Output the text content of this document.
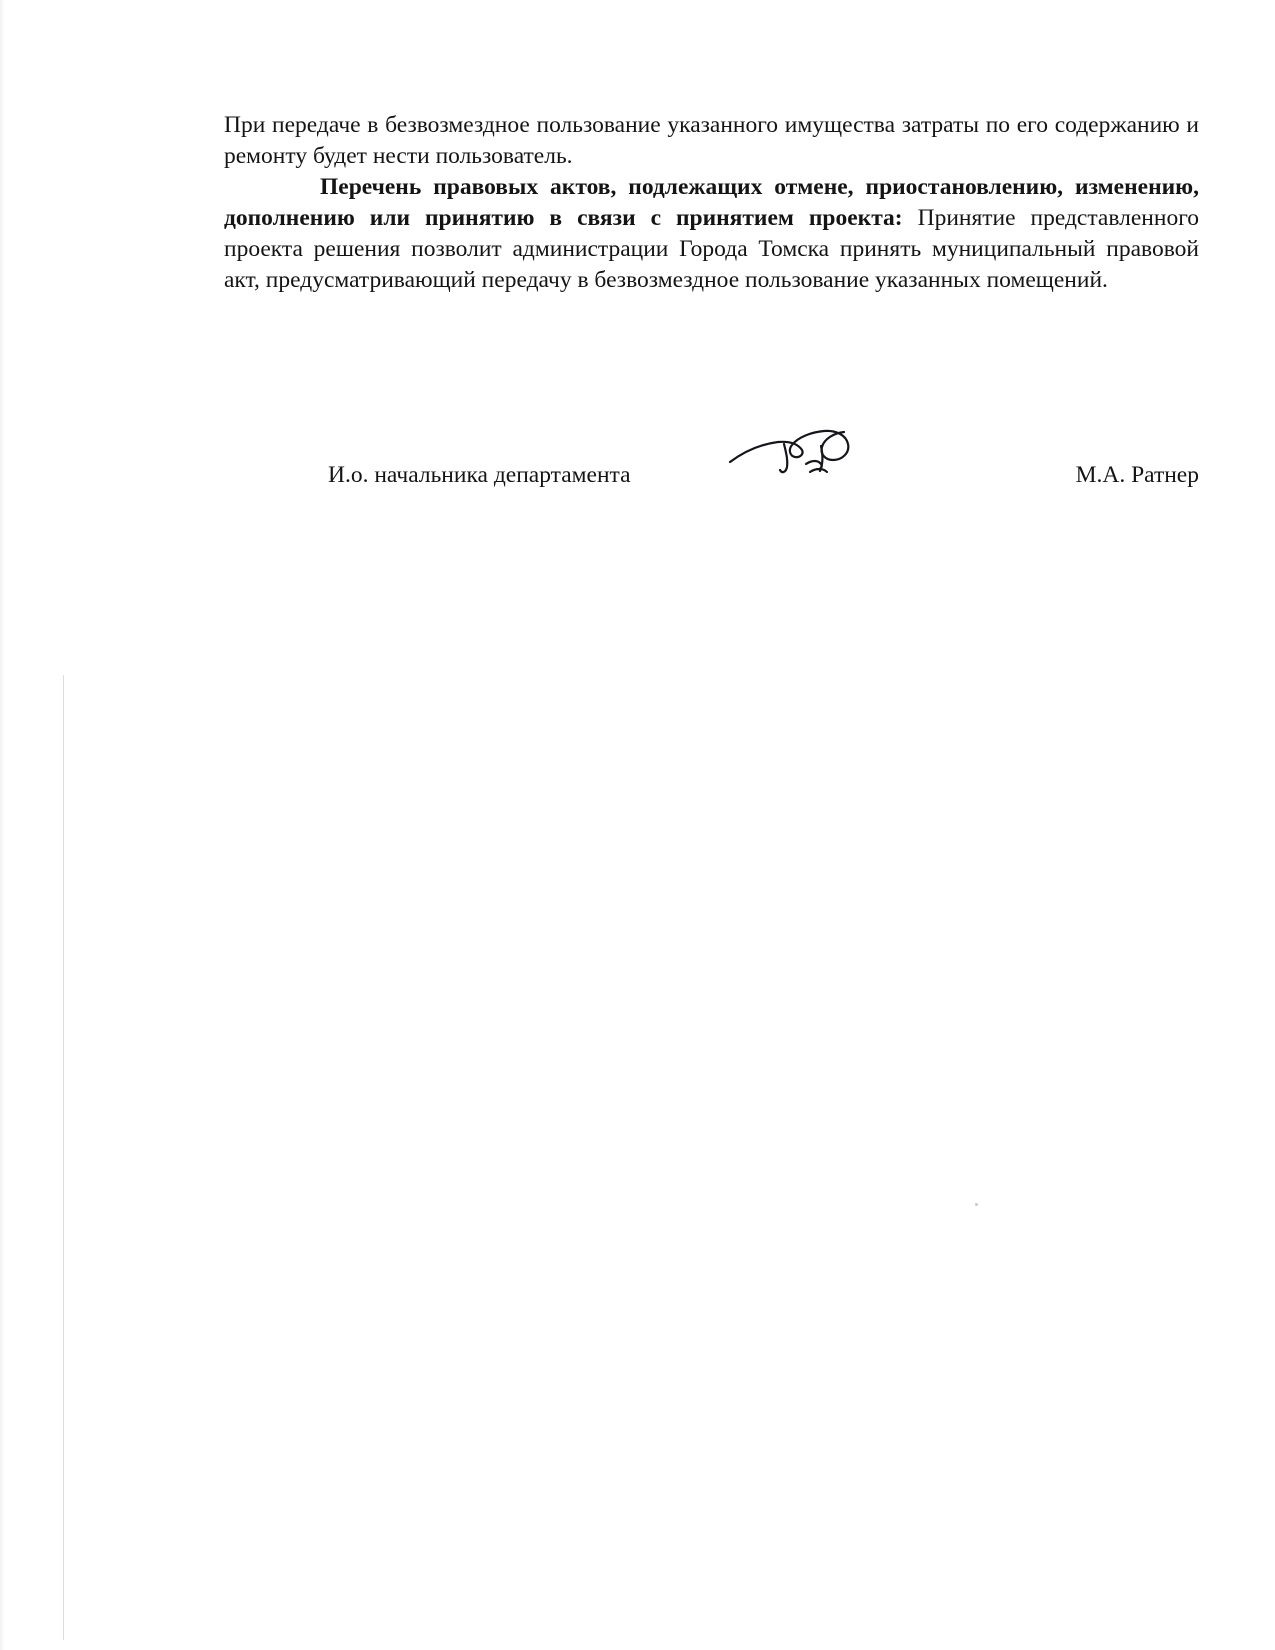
При передаче в безвозмездное пользование указанного имущества затраты по его содержанию и ремонту будет нести пользователь.

Перечень правовых актов, подлежащих отмене, приостановлению, изменению, дополнению или принятию в связи с принятием проекта: Принятие представленного проекта решения позволит администрации Города Томска принять муниципальный правовой акт, предусматривающий передачу в безвозмездное пользование указанных помещений.

И.о. начальника департамента	М.А. Ратнер
